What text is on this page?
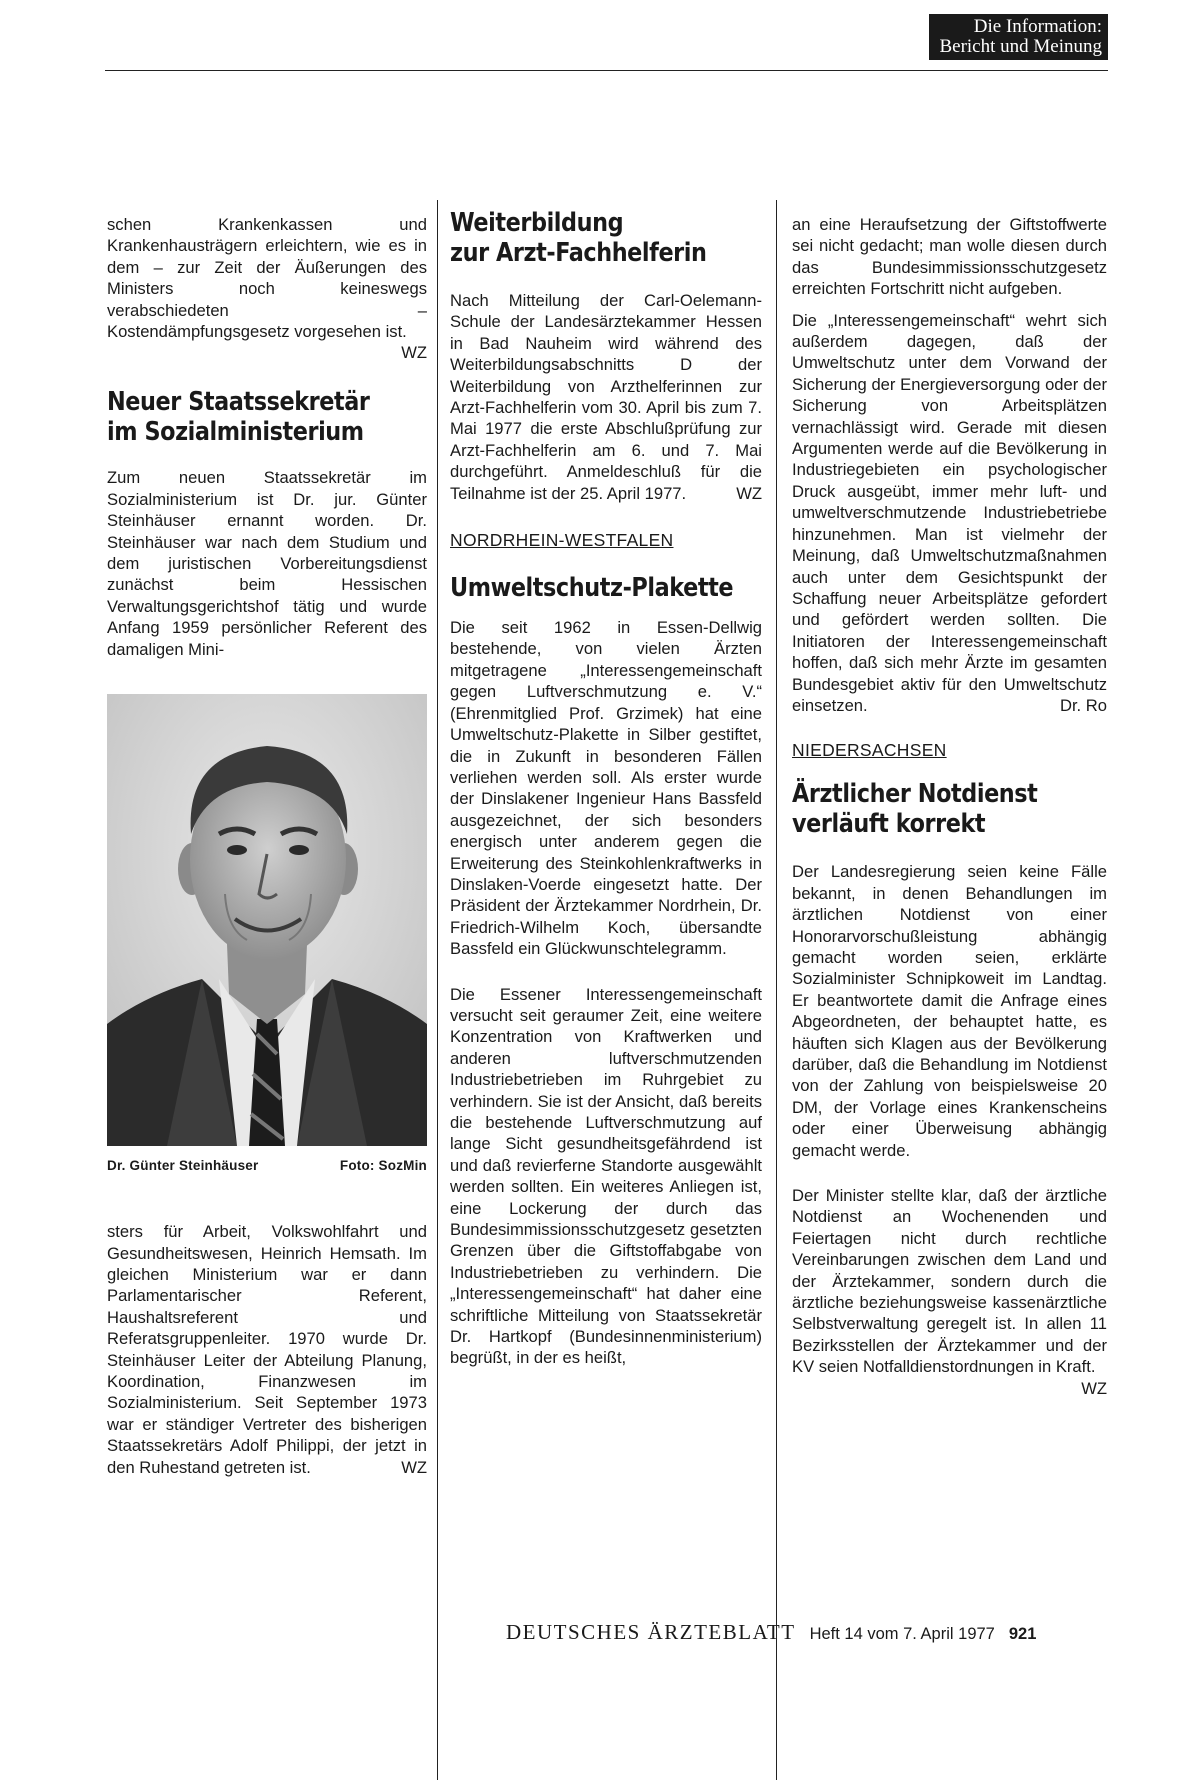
Die Information:
Bericht und Meinung

schen Krankenkassen und Krankenhausträgern erleichtern, wie es in dem – zur Zeit der Äußerungen des Ministers noch keineswegs verabschiedeten – Kostendämpfungsgesetz vorgesehen ist.
WZ

Neuer Staatssekretär
im Sozialministerium

Zum neuen Staatssekretär im Sozialministerium ist Dr. jur. Günter Steinhäuser ernannt worden. Dr. Steinhäuser war nach dem Studium und dem juristischen Vorbereitungsdienst zunächst beim Hessischen Verwaltungsgerichtshof tätig und wurde Anfang 1959 persönlicher Referent des damaligen Mini-

Dr. Günter Steinhäuser	Foto: SozMin

sters für Arbeit, Volkswohlfahrt und Gesundheitswesen, Heinrich Hemsath. Im gleichen Ministerium war er dann Parlamentarischer Referent, Haushaltsreferent und Referatsgruppenleiter. 1970 wurde Dr. Steinhäuser Leiter der Abteilung Planung, Koordination, Finanzwesen im Sozialministerium. Seit September 1973 war er ständiger Vertreter des bisherigen Staatssekretärs Adolf Philippi, der jetzt in den Ruhestand getreten ist.	WZ

Weiterbildung
zur Arzt-Fachhelferin

Nach Mitteilung der Carl-Oelemann-Schule der Landesärztekammer Hessen in Bad Nauheim wird während des Weiterbildungsabschnitts D der Weiterbildung von Arzthelferinnen zur Arzt-Fachhelferin vom 30. April bis zum 7. Mai 1977 die erste Abschlußprüfung zur Arzt-Fachhelferin am 6. und 7. Mai durchgeführt. Anmeldeschluß für die Teilnahme ist der 25. April 1977.	WZ

NORDRHEIN-WESTFALEN
Umweltschutz-Plakette

Die seit 1962 in Essen-Dellwig bestehende, von vielen Ärzten mitgetragene „Interessengemeinschaft gegen Luftverschmutzung e. V.“ (Ehrenmitglied Prof. Grzimek) hat eine Umweltschutz-Plakette in Silber gestiftet, die in Zukunft in besonderen Fällen verliehen werden soll. Als erster wurde der Dinslakener Ingenieur Hans Bassfeld ausgezeichnet, der sich besonders energisch unter anderem gegen die Erweiterung des Steinkohlenkraftwerks in Dinslaken-Voerde eingesetzt hatte. Der Präsident der Ärztekammer Nordrhein, Dr. Friedrich-Wilhelm Koch, übersandte Bassfeld ein Glückwunschtelegramm.

Die Essener Interessengemeinschaft versucht seit geraumer Zeit, eine weitere Konzentration von Kraftwerken und anderen luftverschmutzenden Industriebetrieben im Ruhrgebiet zu verhindern. Sie ist der Ansicht, daß bereits die bestehende Luftverschmutzung auf lange Sicht gesundheitsgefährdend ist und daß revierferne Standorte ausgewählt werden sollten. Ein weiteres Anliegen ist, eine Lockerung der durch das Bundesimmissionsschutzgesetz gesetzten Grenzen über die Giftstoffabgabe von Industriebetrieben zu verhindern. Die „Interessengemeinschaft“ hat daher eine schriftliche Mitteilung von Staatssekretär Dr. Hartkopf (Bundesinnenministerium) begrüßt, in der es heißt,

an eine Heraufsetzung der Giftstoffwerte sei nicht gedacht; man wolle diesen durch das Bundesimmissionsschutzgesetz erreichten Fortschritt nicht aufgeben.

Die „Interessengemeinschaft“ wehrt sich außerdem dagegen, daß der Umweltschutz unter dem Vorwand der Sicherung der Energieversorgung oder der Sicherung von Arbeitsplätzen vernachlässigt wird. Gerade mit diesen Argumenten werde auf die Bevölkerung in Industriegebieten ein psychologischer Druck ausgeübt, immer mehr luft- und umweltverschmutzende Industriebetriebe hinzunehmen. Man ist vielmehr der Meinung, daß Umweltschutzmaßnahmen auch unter dem Gesichtspunkt der Schaffung neuer Arbeitsplätze gefordert und gefördert werden sollten. Die Initiatoren der Interessengemeinschaft hoffen, daß sich mehr Ärzte im gesamten Bundesgebiet aktiv für den Umweltschutz einsetzen.	Dr. Ro

NIEDERSACHSEN
Ärztlicher Notdienst
verläuft korrekt

Der Landesregierung seien keine Fälle bekannt, in denen Behandlungen im ärztlichen Notdienst von einer Honorarvorschußleistung abhängig gemacht worden seien, erklärte Sozialminister Schnipkoweit im Landtag. Er beantwortete damit die Anfrage eines Abgeordneten, der behauptet hatte, es häuften sich Klagen aus der Bevölkerung darüber, daß die Behandlung im Notdienst von der Zahlung von beispielsweise 20 DM, der Vorlage eines Krankenscheins oder einer Überweisung abhängig gemacht werde.

Der Minister stellte klar, daß der ärztliche Notdienst an Wochenenden und Feiertagen nicht durch rechtliche Vereinbarungen zwischen dem Land und der Ärztekammer, sondern durch die ärztliche beziehungsweise kassenärztliche Selbstverwaltung geregelt ist. In allen 11 Bezirksstellen der Ärztekammer und der KV seien Notfalldienstordnungen in Kraft.
WZ

DEUTSCHES ÄRZTEBLATT Heft 14 vom 7. April 1977 921
